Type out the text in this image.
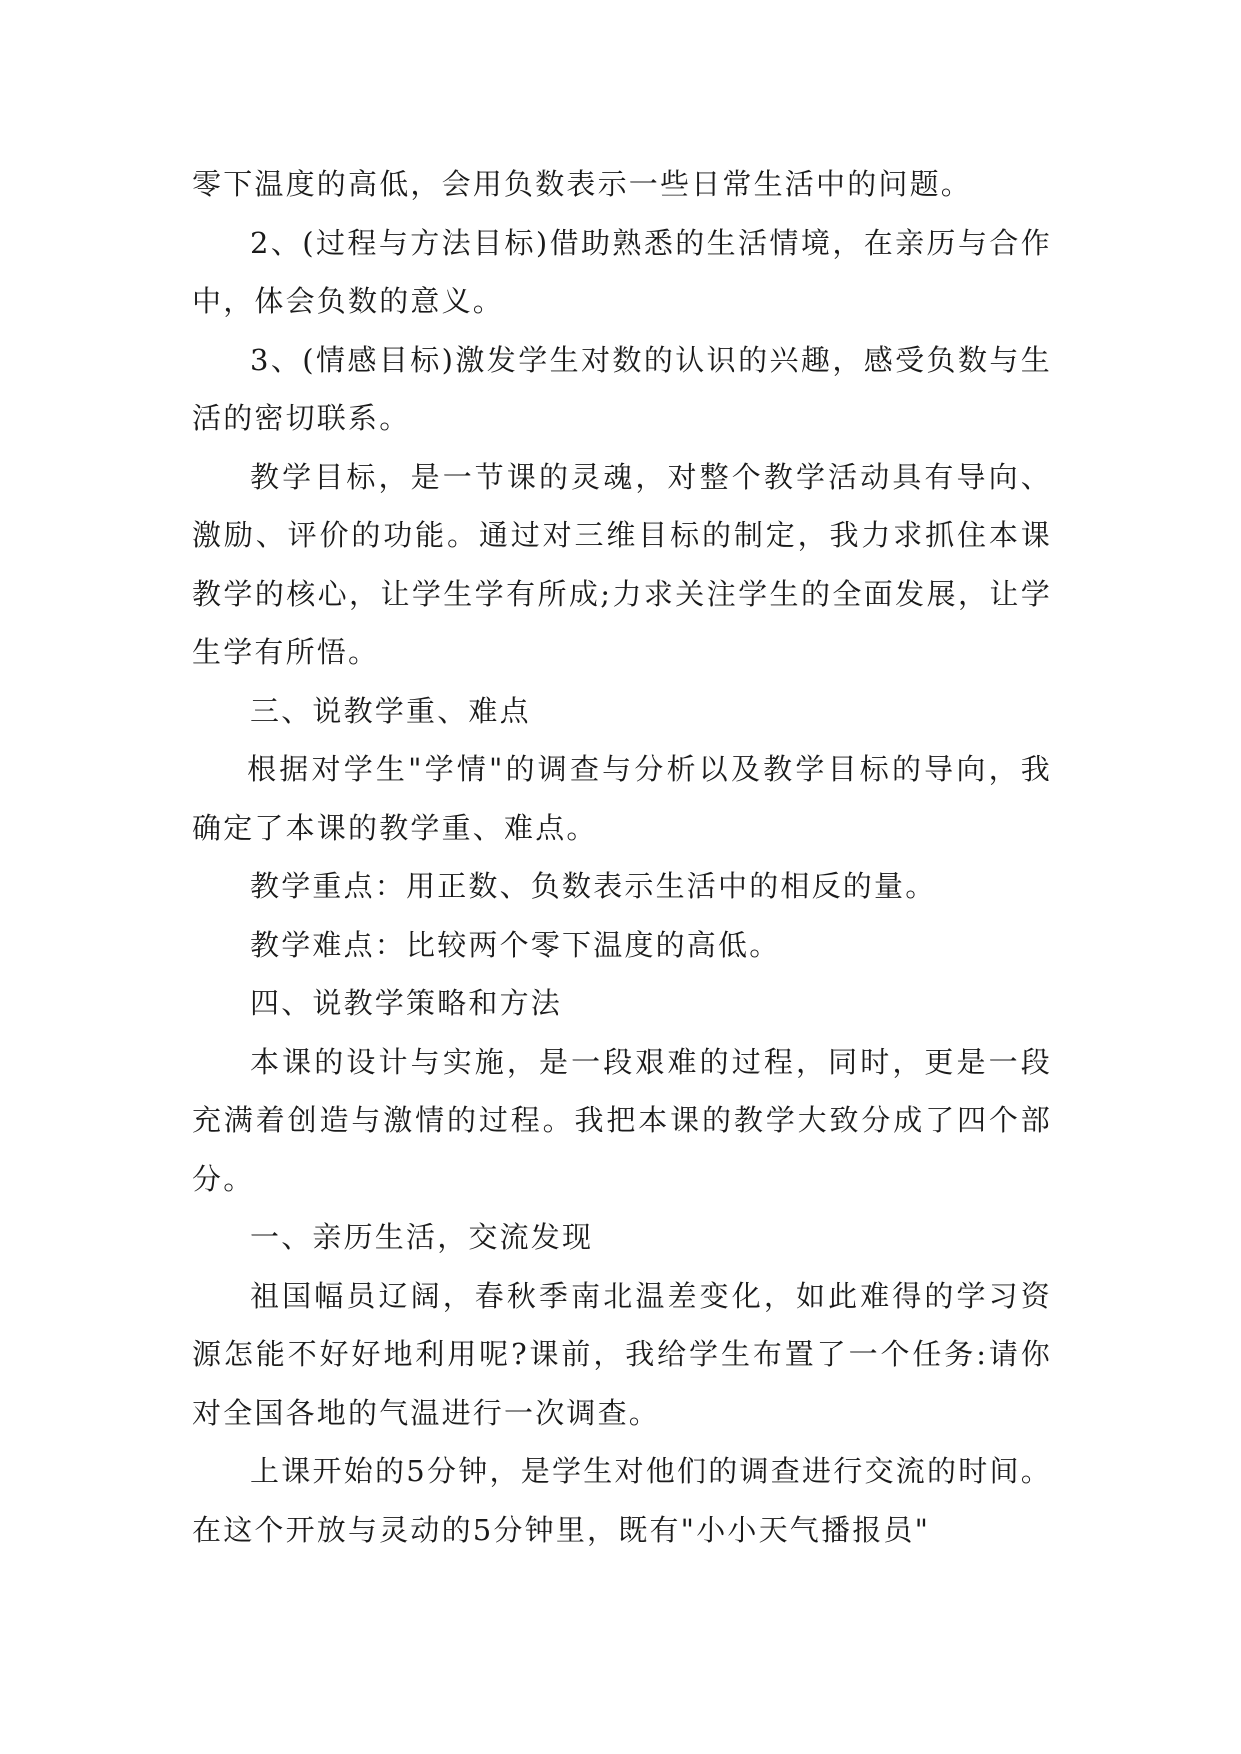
零下温度的高低，会用负数表示一些日常生活中的问题。

2、(过程与方法目标)借助熟悉的生活情境，在亲历与合作中，体会负数的意义。

3、(情感目标)激发学生对数的认识的兴趣，感受负数与生活的密切联系。

教学目标，是一节课的灵魂，对整个教学活动具有导向、激励、评价的功能。通过对三维目标的制定，我力求抓住本课教学的核心，让学生学有所成;力求关注学生的全面发展，让学生学有所悟。

三、说教学重、难点

根据对学生"学情"的调查与分析以及教学目标的导向，我确定了本课的教学重、难点。

教学重点：用正数、负数表示生活中的相反的量。

教学难点：比较两个零下温度的高低。

四、说教学策略和方法

本课的设计与实施，是一段艰难的过程，同时，更是一段充满着创造与激情的过程。我把本课的教学大致分成了四个部分。

一、亲历生活，交流发现

祖国幅员辽阔，春秋季南北温差变化，如此难得的学习资源怎能不好好地利用呢?课前，我给学生布置了一个任务:请你对全国各地的气温进行一次调查。

上课开始的5分钟，是学生对他们的调查进行交流的时间。在这个开放与灵动的5分钟里，既有"小小天气播报员"
